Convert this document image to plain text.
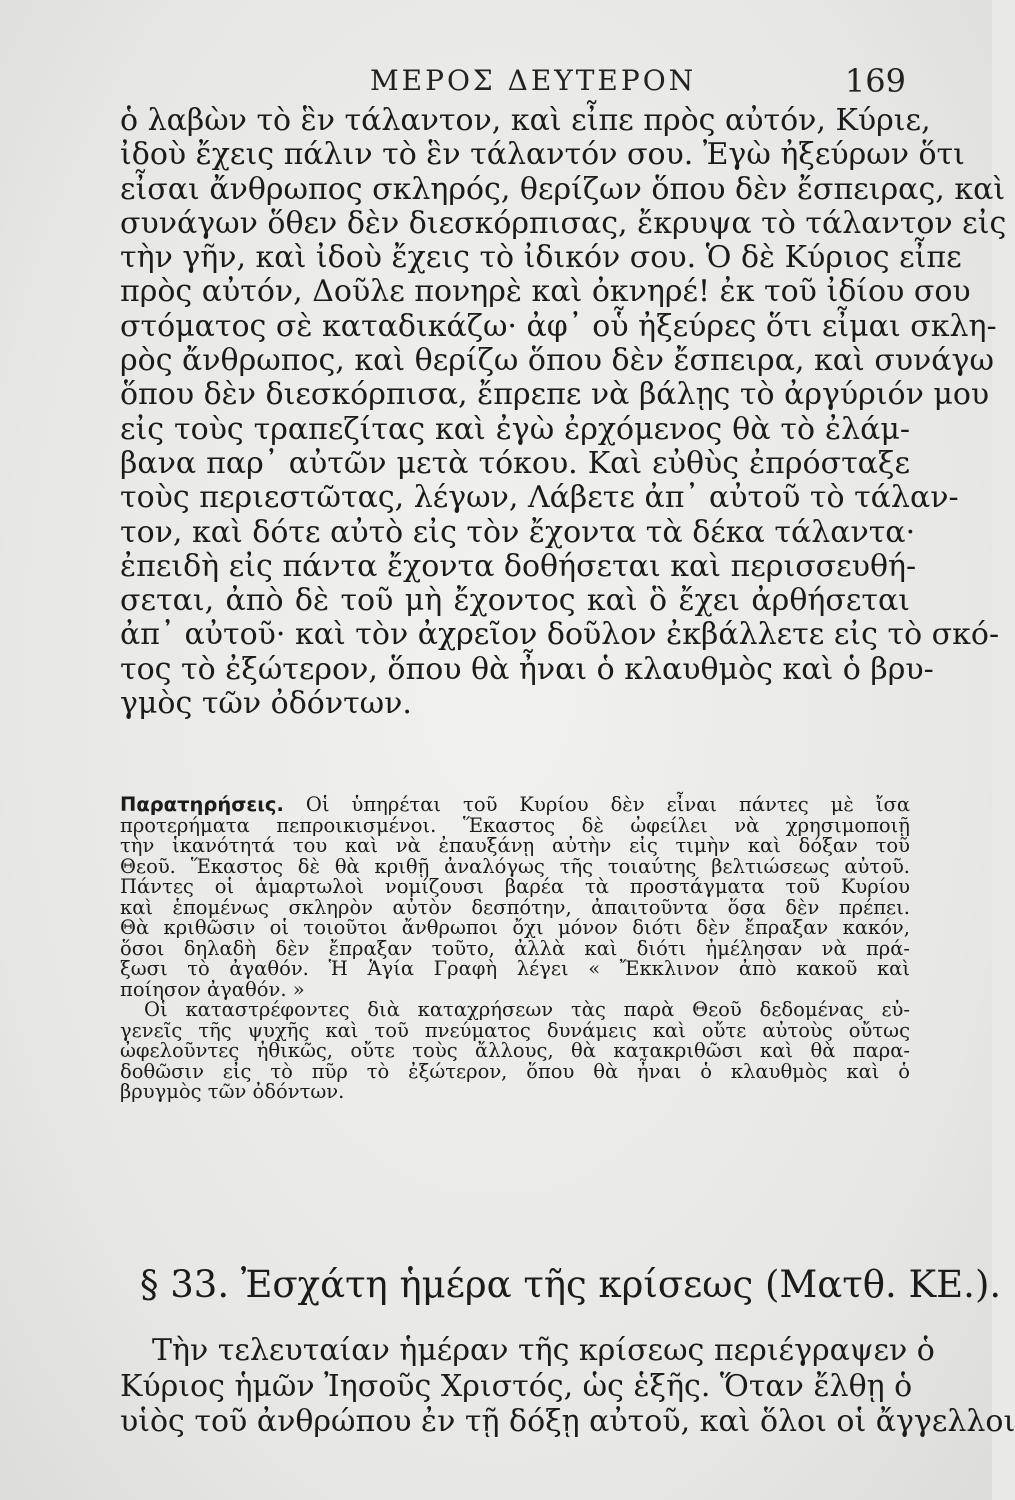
ΜΕΡΟΣ ΔΕΥΤΕΡΟΝ	169
ὁ λαβὼν τὸ ἓν τάλαντον, καὶ εἶπε πρὸς αὐτόν, Κύριε,
ἰδοὺ ἔχεις πάλιν τὸ ἓν τάλαντόν σου. Ἐγὼ ἠξεύρων ὅτι
εἶσαι ἄνθρωπος σκληρός, θερίζων ὅπου δὲν ἔσπειρας, καὶ
συνάγων ὅθεν δὲν διεσκόρπισας, ἔκρυψα τὸ τάλαντον εἰς
τὴν γῆν, καὶ ἰδοὺ ἔχεις τὸ ἰδικόν σου. Ὁ δὲ Κύριος εἶπε
πρὸς αὐτόν, Δοῦλε πονηρὲ καὶ ὀκνηρέ! ἐκ τοῦ ἰδίου σου
στόματος σὲ καταδικάζω· ἀφ᾽ οὗ ἠξεύρες ὅτι εἶμαι σκλη-
ρὸς ἄνθρωπος, καὶ θερίζω ὅπου δὲν ἔσπειρα, καὶ συνάγω
ὅπου δὲν διεσκόρπισα, ἔπρεπε νὰ βάλῃς τὸ ἀργύριόν μου
εἰς τοὺς τραπεζίτας καὶ ἐγὼ ἐρχόμενος θὰ τὸ ἐλάμ-
βανα παρ᾽ αὐτῶν μετὰ τόκου. Καὶ εὐθὺς ἐπρόσταξε
τοὺς περιεστῶτας, λέγων, Λάβετε ἀπ᾽ αὐτοῦ τὸ τάλαν-
τον, καὶ δότε αὐτὸ εἰς τὸν ἔχοντα τὰ δέκα τάλαντα·
ἐπειδὴ εἰς πάντα ἔχοντα δοθήσεται καὶ περισσευθή-
σεται, ἀπὸ δὲ τοῦ μὴ ἔχοντος καὶ ὃ ἔχει ἀρθήσεται
ἀπ᾽ αὐτοῦ· καὶ τὸν ἀχρεῖον δοῦλον ἐκβάλλετε εἰς τὸ σκό-
τος τὸ ἐξώτερον, ὅπου θὰ ἦναι ὁ κλαυθμὸς καὶ ὁ βρυ-
γμὸς τῶν ὀδόντων.
Παρατηρήσεις. Οἱ ὑπηρέται τοῦ Κυρίου δὲν εἶναι πάντες μὲ ἴσα
προτερήματα πεπροικισμένοι. Ἕκαστος δὲ ὠφείλει νὰ χρησιμοποιῇ
τὴν ἱκανότητά του καὶ νὰ ἐπαυξάνῃ αὐτὴν εἰς τιμὴν καὶ δόξαν τοῦ
Θεοῦ. Ἕκαστος δὲ θὰ κριθῇ ἀναλόγως τῆς τοιαύτης βελτιώσεως αὐτοῦ.
Πάντες οἱ ἁμαρτωλοὶ νομίζουσι βαρέα τὰ προστάγματα τοῦ Κυρίου
καὶ ἑπομένως σκληρὸν αὐτὸν δεσπότην, ἀπαιτοῦντα ὅσα δὲν πρέπει.
Θὰ κριθῶσιν οἱ τοιοῦτοι ἄνθρωποι ὄχι μόνον διότι δὲν ἔπραξαν κακόν,
ὅσοι δηλαδὴ δὲν ἔπραξαν τοῦτο, ἀλλὰ καὶ διότι ἠμέλησαν νὰ πρά-
ξωσι τὸ ἀγαθόν. Ἡ Ἁγία Γραφὴ λέγει « Ἔκκλινον ἀπὸ κακοῦ καὶ
ποίησον ἀγαθόν. »
Οἱ καταστρέφοντες διὰ καταχρήσεων τὰς παρὰ Θεοῦ δεδομένας εὐ-
γενεῖς τῆς ψυχῆς καὶ τοῦ πνεύματος δυνάμεις καὶ οὔτε αὐτοὺς οὔτως
ὠφελοῦντες ἠθικῶς, οὔτε τοὺς ἄλλους, θὰ κατακριθῶσι καὶ θὰ παρα-
δοθῶσιν εἰς τὸ πῦρ τὸ ἐξώτερον, ὅπου θὰ ἦναι ὁ κλαυθμὸς καὶ ὁ
βρυγμὸς τῶν ὀδόντων.
§ 33. Ἐσχάτη ἡμέρα τῆς κρίσεως (Ματθ. ΚΕ.).
Τὴν τελευταίαν ἡμέραν τῆς κρίσεως περιέγραψεν ὁ
Κύριος ἡμῶν Ἰησοῦς Χριστός, ὡς ἑξῆς. Ὅταν ἔλθῃ ὁ
υἱὸς τοῦ ἀνθρώπου ἐν τῇ δόξῃ αὐτοῦ, καὶ ὅλοι οἱ ἄγγελλοι
